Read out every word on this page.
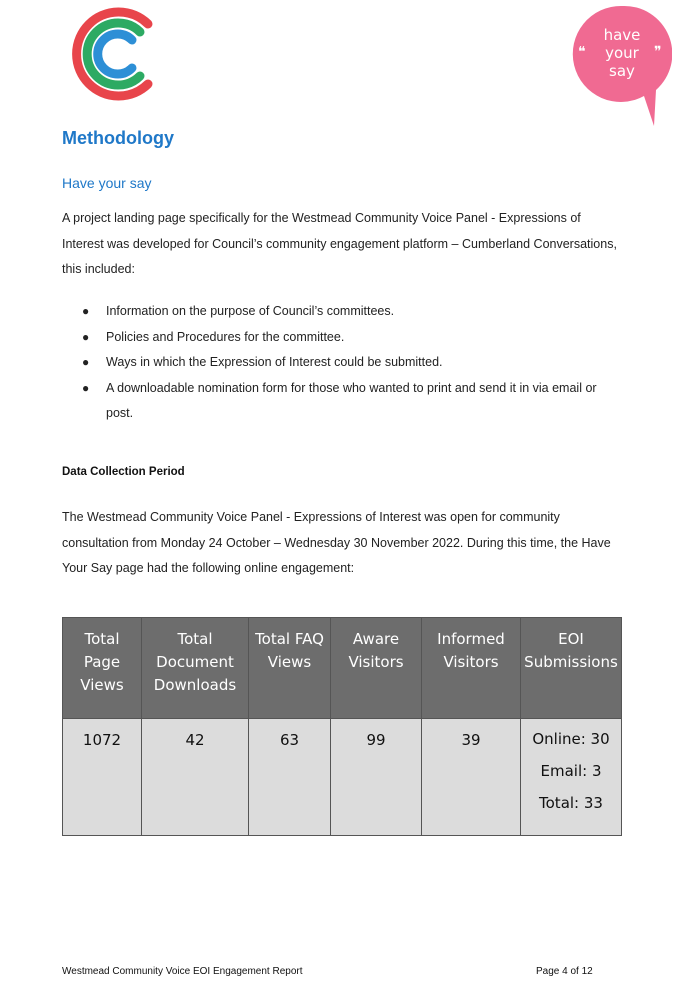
❝	❞
have
your
say
Methodology
Have your say

A project landing page specifically for the Westmead Community Voice Panel - Expressions of Interest was developed for Council’s community engagement platform – Cumberland Conversations, this included:

● Information on the purpose of Council’s committees.
● Policies and Procedures for the committee.
● Ways in which the Expression of Interest could be submitted.
● A downloadable nomination form for those who wanted to print and send it in via email or post.
Data Collection Period

The Westmead Community Voice Panel - Expressions of Interest was open for community consultation from Monday 24 October – Wednesday 30 November 2022. During this time, the Have Your Say page had the following online engagement:

Total Page Views	Total Document Downloads	Total FAQ Views	Aware Visitors	Informed Visitors	EOI Submissions
1072	42	63	99	39	Online: 30
Email: 3
Total: 33
Westmead Community Voice EOI Engagement Report	Page 4 of 12
